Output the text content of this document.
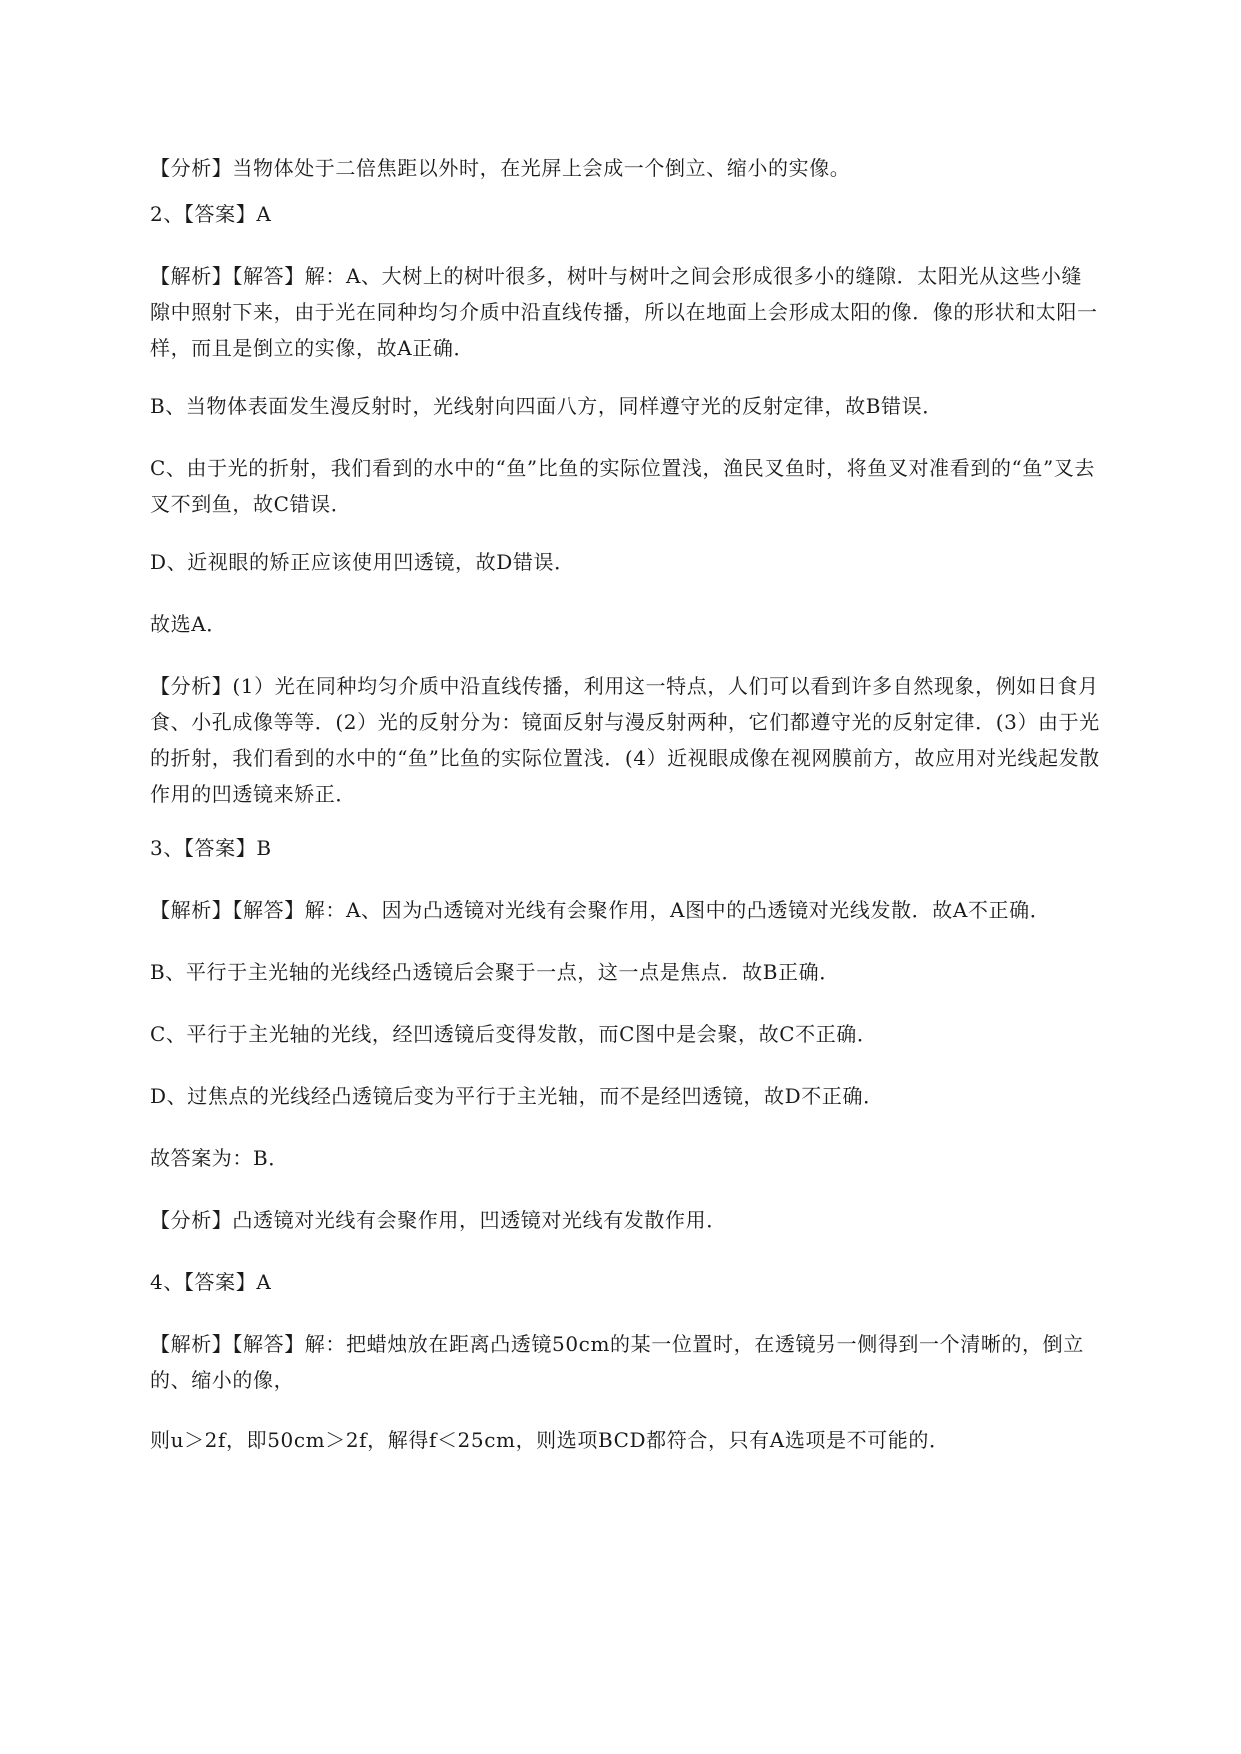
【分析】当物体处于二倍焦距以外时，在光屏上会成一个倒立、缩小的实像。

2、【答案】A

【解析】【解答】解：A、大树上的树叶很多，树叶与树叶之间会形成很多小的缝隙．太阳光从这些小缝隙中照射下来，由于光在同种均匀介质中沿直线传播，所以在地面上会形成太阳的像．像的形状和太阳一样，而且是倒立的实像，故A正确．

B、当物体表面发生漫反射时，光线射向四面八方，同样遵守光的反射定律，故B错误．

C、由于光的折射，我们看到的水中的“鱼”比鱼的实际位置浅，渔民叉鱼时，将鱼叉对准看到的“鱼”叉去叉不到鱼，故C错误．

D、近视眼的矫正应该使用凹透镜，故D错误．

故选A．

【分析】(1）光在同种均匀介质中沿直线传播，利用这一特点，人们可以看到许多自然现象，例如日食月食、小孔成像等等．(2）光的反射分为：镜面反射与漫反射两种，它们都遵守光的反射定律．(3）由于光的折射，我们看到的水中的“鱼”比鱼的实际位置浅．(4）近视眼成像在视网膜前方，故应用对光线起发散作用的凹透镜来矫正．

3、【答案】B

【解析】【解答】解：A、因为凸透镜对光线有会聚作用，A图中的凸透镜对光线发散．故A不正确．

B、平行于主光轴的光线经凸透镜后会聚于一点，这一点是焦点．故B正确．

C、平行于主光轴的光线，经凹透镜后变得发散，而C图中是会聚，故C不正确．

D、过焦点的光线经凸透镜后变为平行于主光轴，而不是经凹透镜，故D不正确．

故答案为：B．

【分析】凸透镜对光线有会聚作用，凹透镜对光线有发散作用．

4、【答案】A

【解析】【解答】解：把蜡烛放在距离凸透镜50cm的某一位置时，在透镜另一侧得到一个清晰的，倒立的、缩小的像，

则u＞2f，即50cm＞2f，解得f＜25cm，则选项BCD都符合，只有A选项是不可能的．
